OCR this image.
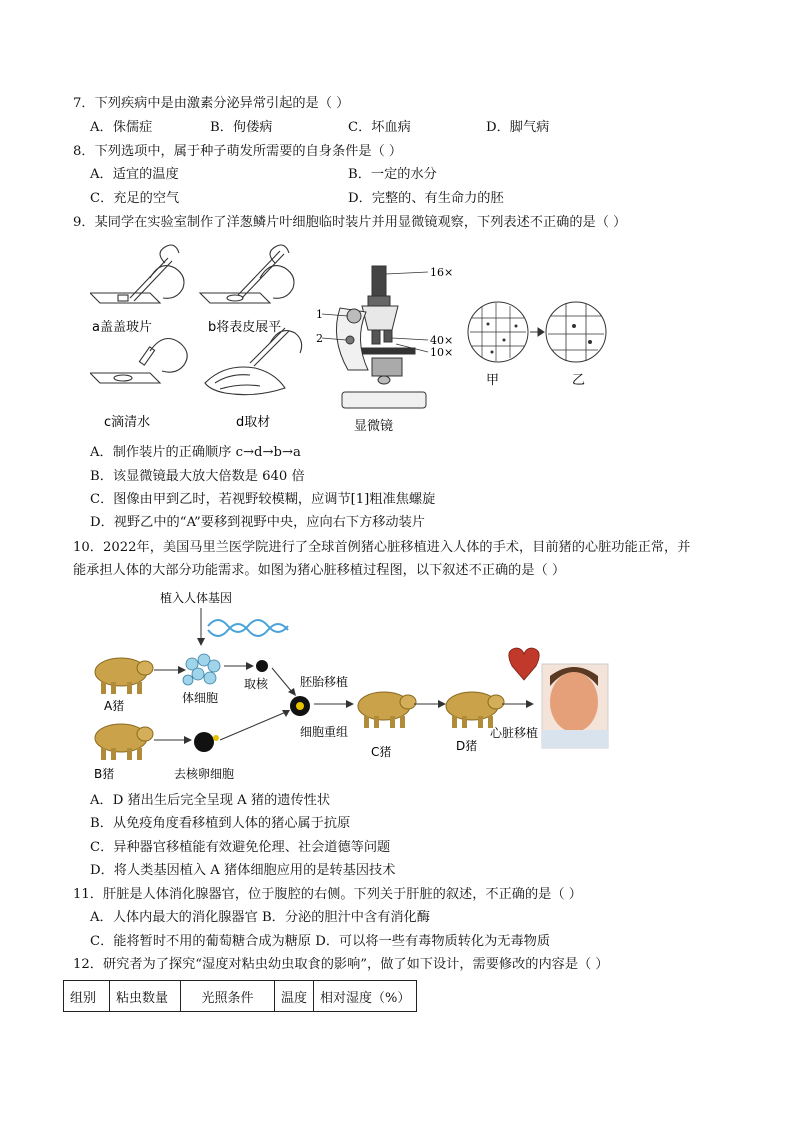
7．下列疾病中是由激素分泌异常引起的是（ ）
A．侏儒症	B．佝偻病	C．坏血病	D．脚气病
8．下列选项中，属于种子萌发所需要的自身条件是（ ）
A．适宜的温度	B．一定的水分
C．充足的空气	D．完整的、有生命力的胚
9．某同学在实验室制作了洋葱鳞片叶细胞临时装片并用显微镜观察，下列表述不正确的是（ ）
a盖盖玻片	b将表皮展平
c滴清水	d取材
16×
40×
10×
1
2
显微镜
甲	乙
A．制作装片的正确顺序 c→d→b→a
B．该显微镜最大放大倍数是 640 倍
C．图像由甲到乙时，若视野较模糊，应调节[1]粗准焦螺旋
D．视野乙中的“A”要移到视野中央，应向右下方移动装片
10．2022年，美国马里兰医学院进行了全球首例猪心脏移植进入人体的手术，目前猪的心脏功能正常，并
能承担人体的大部分功能需求。如图为猪心脏移植过程图，以下叙述不正确的是（ ）
植入人体基因
A猪
体细胞
取核
B猪	去核卵细胞
胚胎移植
细胞重组
C猪	D猪
心脏移植
A．D 猪出生后完全呈现 A 猪的遗传性状
B．从免疫角度看移植到人体的猪心属于抗原
C．异种器官移植能有效避免伦理、社会道德等问题
D．将人类基因植入 A 猪体细胞应用的是转基因技术
11．肝脏是人体消化腺器官，位于腹腔的右侧。下列关于肝脏的叙述，不正确的是（ ）
A．人体内最大的消化腺器官 B．分泌的胆汁中含有消化酶
C．能将暂时不用的葡萄糖合成为糖原 D．可以将一些有毒物质转化为无毒物质
12．研究者为了探究“湿度对粘虫幼虫取食的影响”，做了如下设计，需要修改的内容是（ ）
组别	粘虫数量	光照条件	温度	相对湿度（%）
